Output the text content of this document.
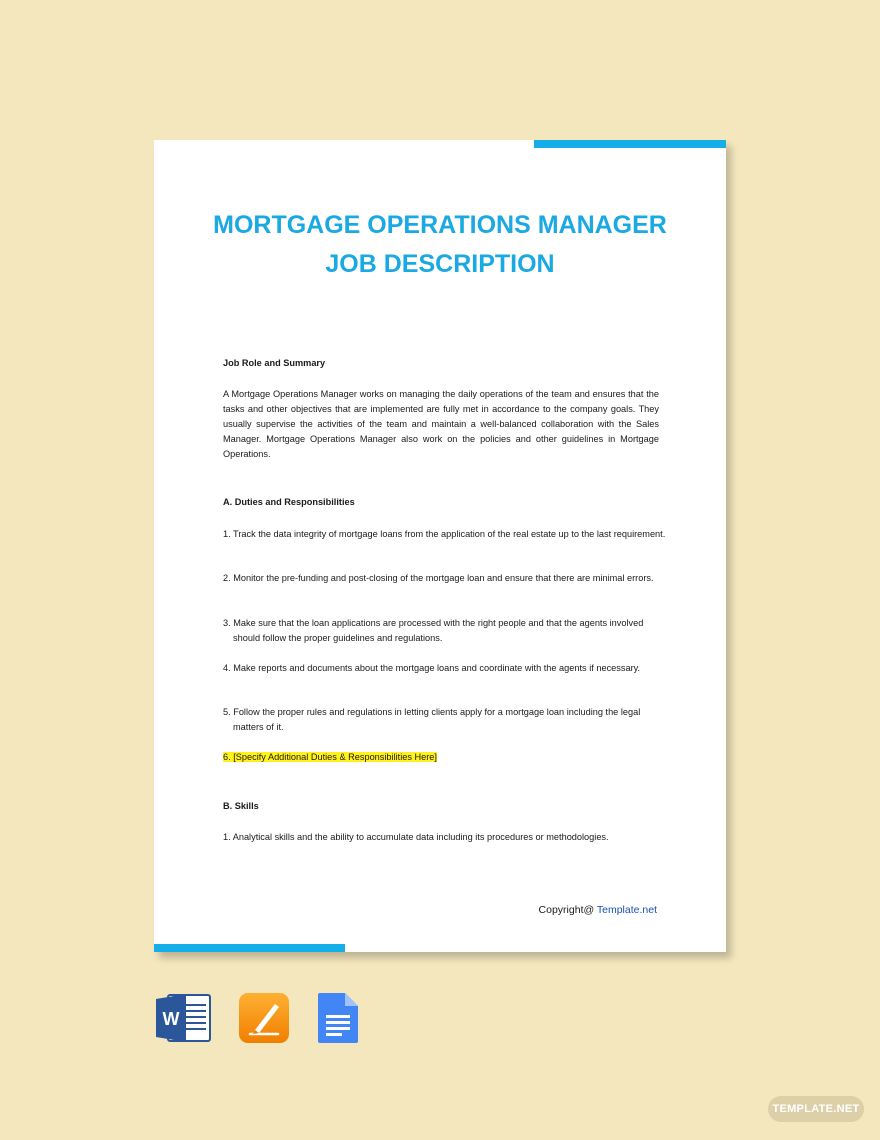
MORTGAGE OPERATIONS MANAGER
JOB DESCRIPTION
Job Role and Summary
A Mortgage Operations Manager works on managing the daily operations of the team and ensures that the tasks and other objectives that are implemented are fully met in accordance to the company goals. They usually supervise the activities of the team and maintain a well-balanced collaboration with the Sales Manager. Mortgage Operations Manager also work on the policies and other guidelines in Mortgage Operations.
A. Duties and Responsibilities
1. Track the data integrity of mortgage loans from the application of the real estate up to the last requirement.
2. Monitor the pre-funding and post-closing of the mortgage loan and ensure that there are minimal errors.
3. Make sure that the loan applications are processed with the right people and that the agents involved should follow the proper guidelines and regulations.
4. Make reports and documents about the mortgage loans and coordinate with the agents if necessary.
5. Follow the proper rules and regulations in letting clients apply for a mortgage loan including the legal matters of it.
6. [Specify Additional Duties & Responsibilities Here]
B. Skills
1. Analytical skills and the ability to accumulate data including its procedures or methodologies.
Copyright@ Template.net
W
TEMPLATE.NET
